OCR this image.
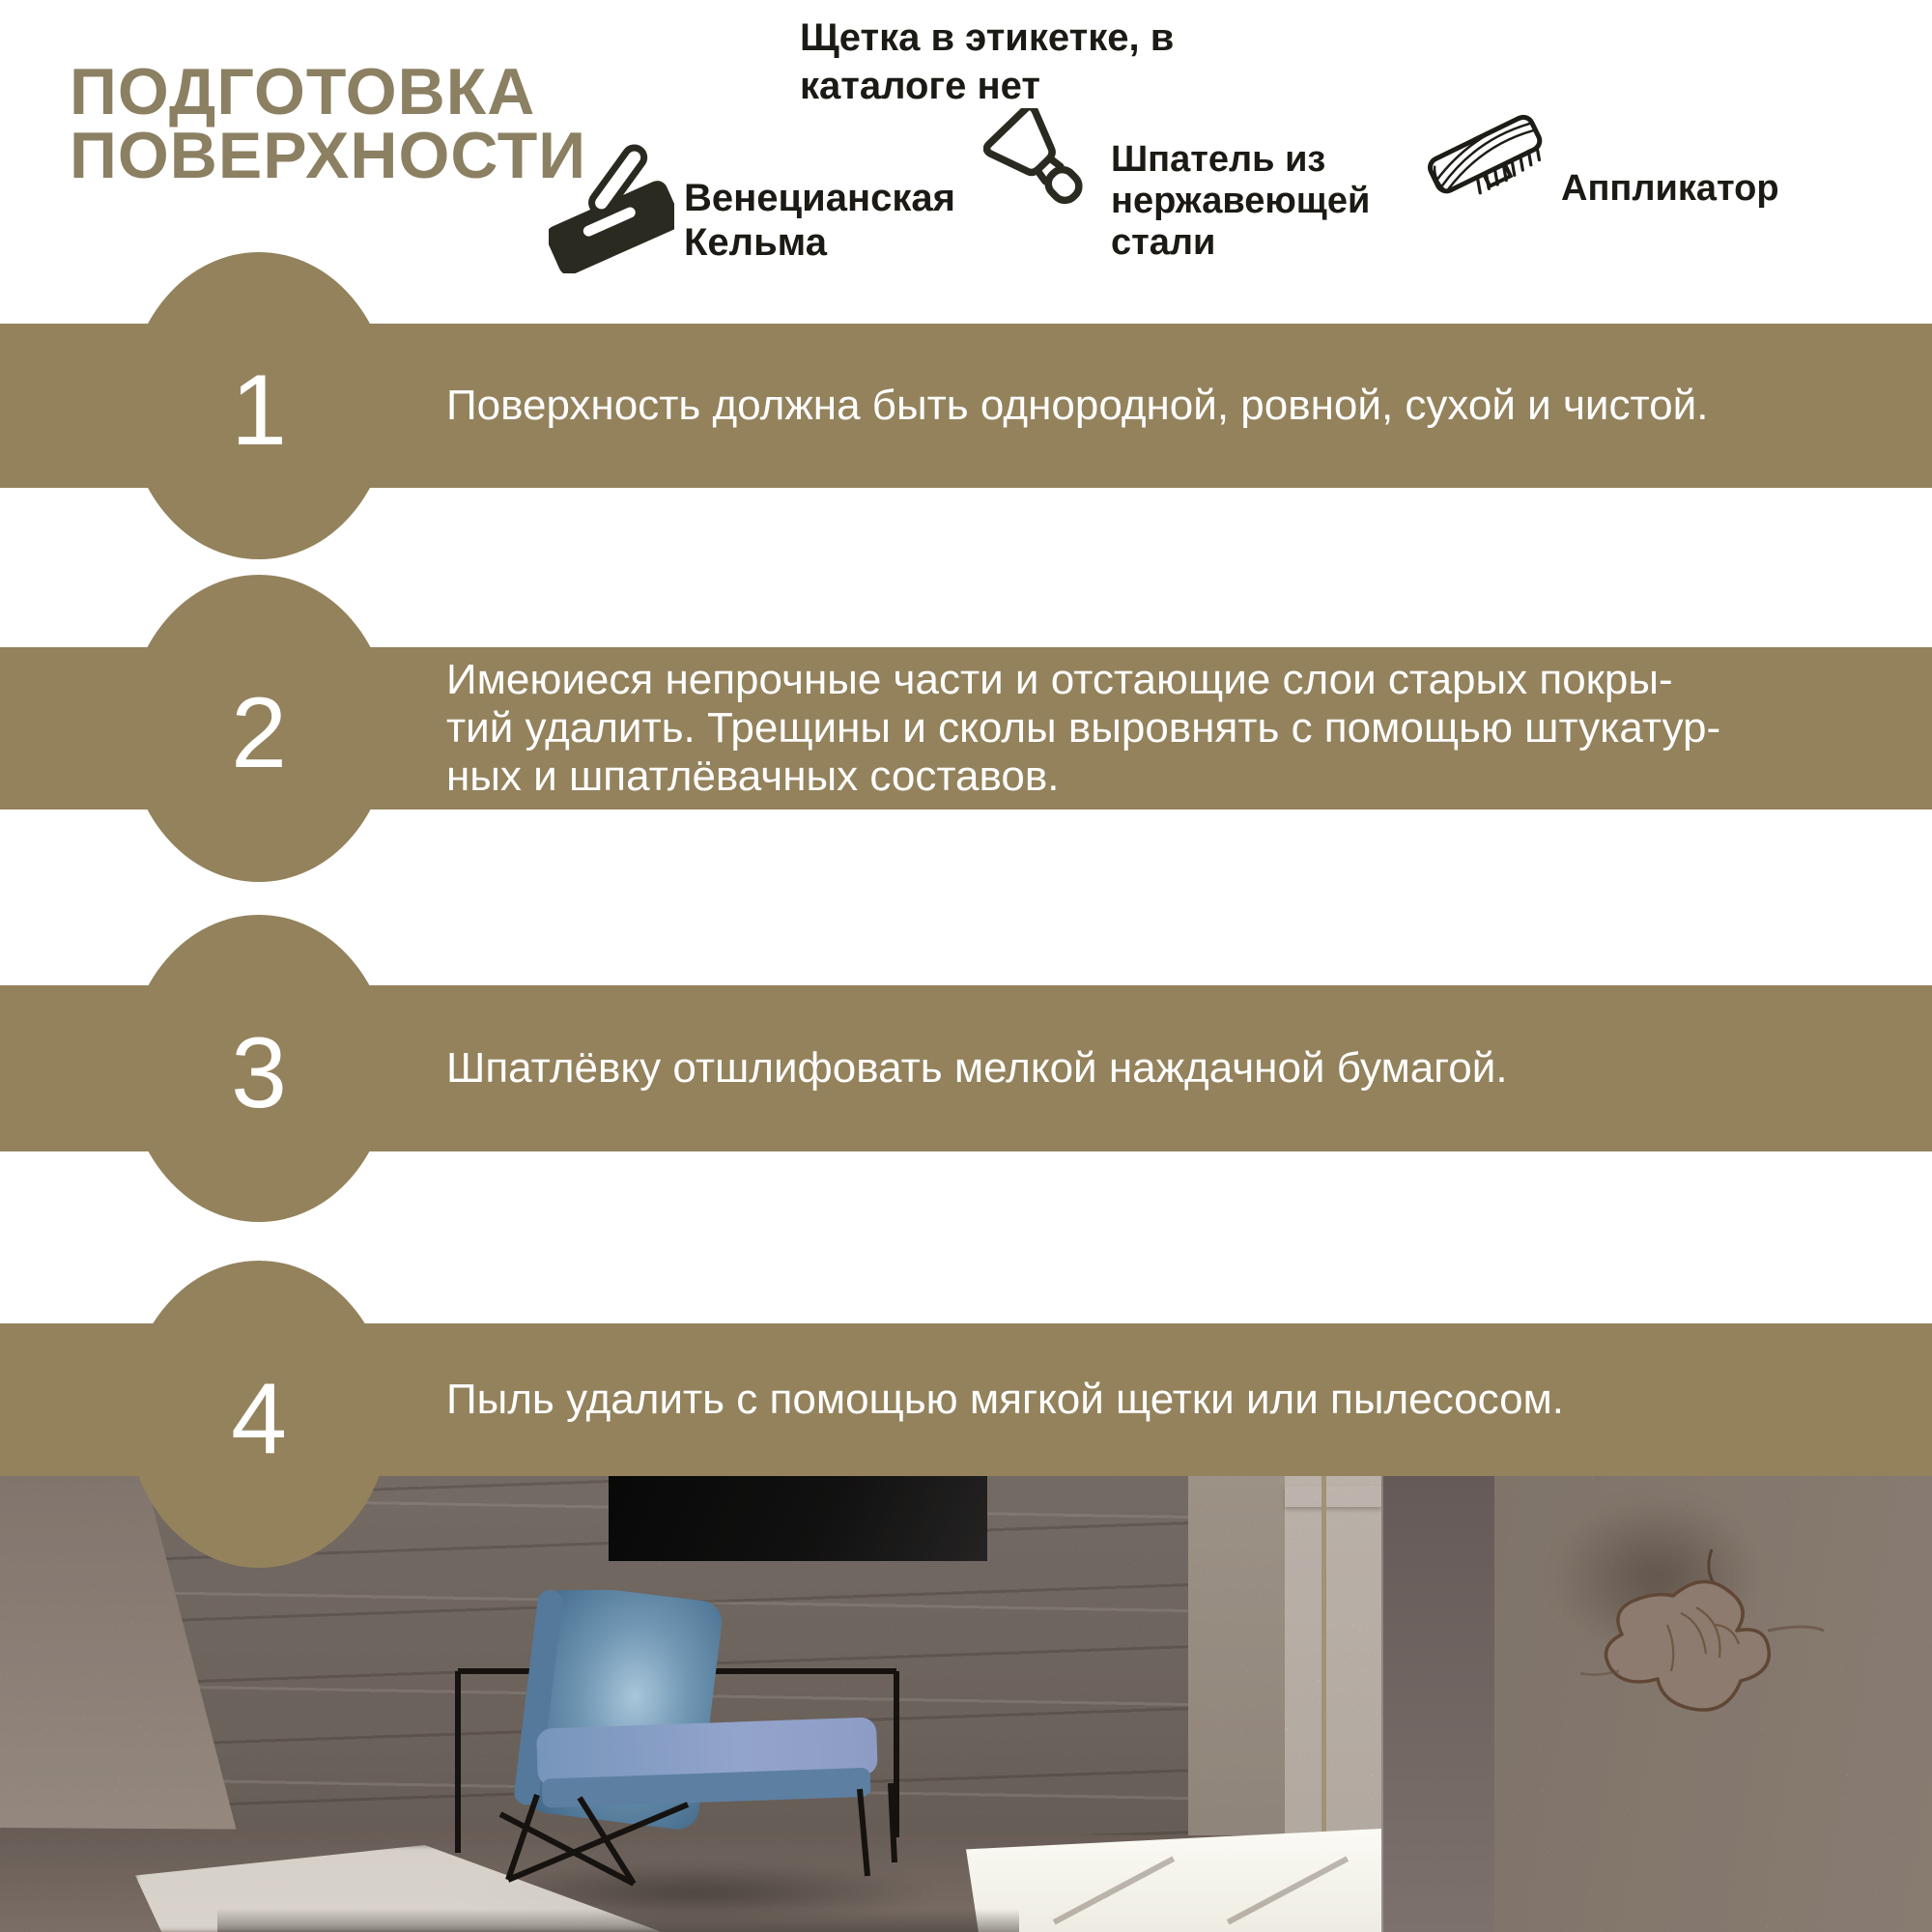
ПОДГОТОВКА
ПОВЕРХНОСТИ
Щетка в этикетке, в
каталоге нет
Венецианская
Кельма
Шпатель из
нержавеющей
стали
Аппликатор
1
2
3
4
Поверхность должна быть однородной, ровной, сухой и чистой.
Имеюиеся непрочные части и отстающие слои старых покры-
тий удалить. Трещины и сколы выровнять с помощью штукатур-
ных и шпатлёвачных составов.
Шпатлёвку отшлифовать мелкой наждачной бумагой.
Пыль удалить с помощью мягкой щетки или пылесосом.
